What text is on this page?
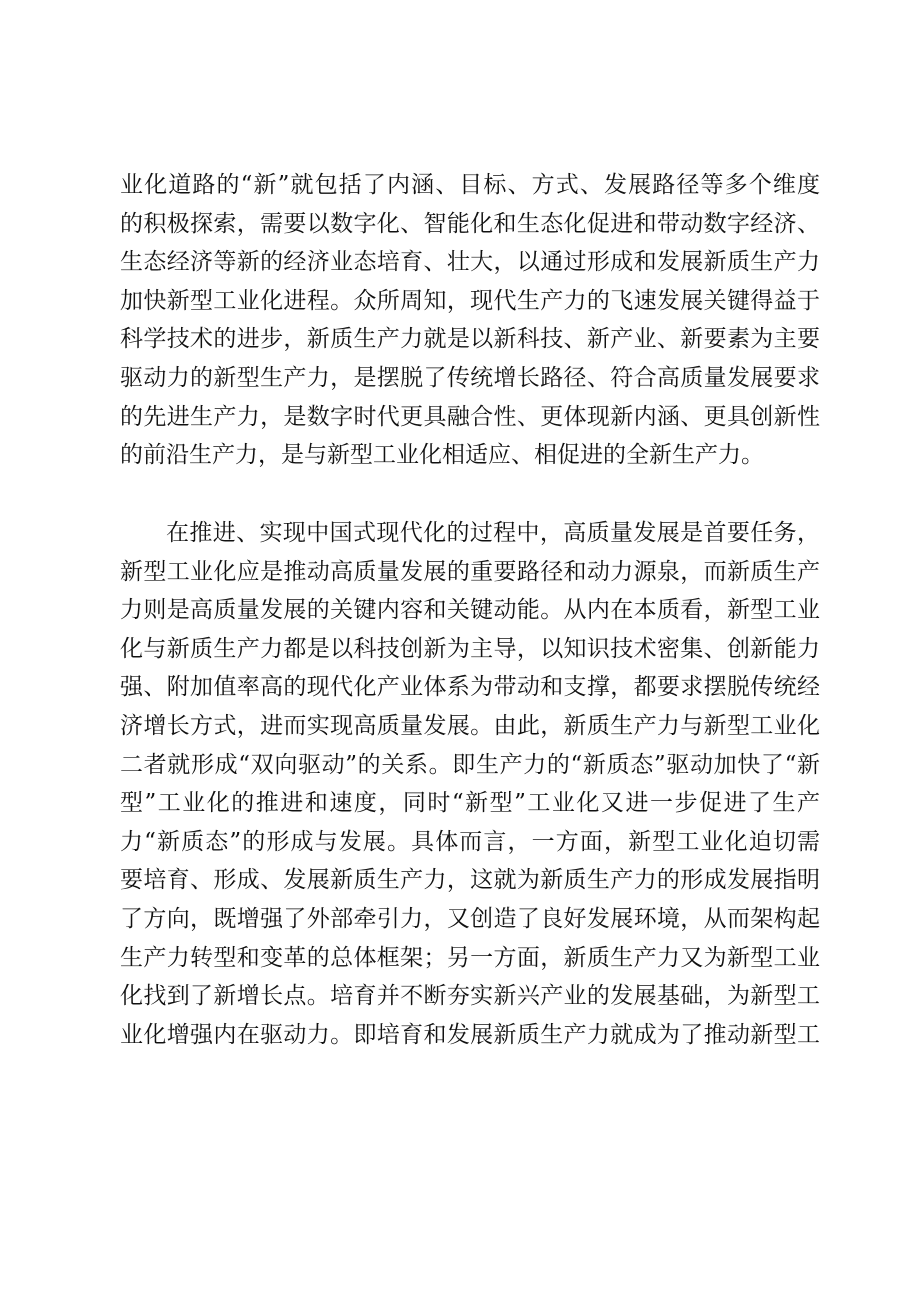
业化道路的“新”就包括了内涵、目标、方式、发展路径等多个维度
的积极探索，需要以数字化、智能化和生态化促进和带动数字经济、
生态经济等新的经济业态培育、壮大，以通过形成和发展新质生产力
加快新型工业化进程。众所周知，现代生产力的飞速发展关键得益于
科学技术的进步，新质生产力就是以新科技、新产业、新要素为主要
驱动力的新型生产力，是摆脱了传统增长路径、符合高质量发展要求
的先进生产力，是数字时代更具融合性、更体现新内涵、更具创新性
的前沿生产力，是与新型工业化相适应、相促进的全新生产力。
在推进、实现中国式现代化的过程中，高质量发展是首要任务，
新型工业化应是推动高质量发展的重要路径和动力源泉，而新质生产
力则是高质量发展的关键内容和关键动能。从内在本质看，新型工业
化与新质生产力都是以科技创新为主导，以知识技术密集、创新能力
强、附加值率高的现代化产业体系为带动和支撑，都要求摆脱传统经
济增长方式，进而实现高质量发展。由此，新质生产力与新型工业化
二者就形成“双向驱动”的关系。即生产力的“新质态”驱动加快了“新
型”工业化的推进和速度，同时“新型”工业化又进一步促进了生产
力“新质态”的形成与发展。具体而言，一方面，新型工业化迫切需
要培育、形成、发展新质生产力，这就为新质生产力的形成发展指明
了方向，既增强了外部牵引力，又创造了良好发展环境，从而架构起
生产力转型和变革的总体框架；另一方面，新质生产力又为新型工业
化找到了新增长点。培育并不断夯实新兴产业的发展基础，为新型工
业化增强内在驱动力。即培育和发展新质生产力就成为了推动新型工
